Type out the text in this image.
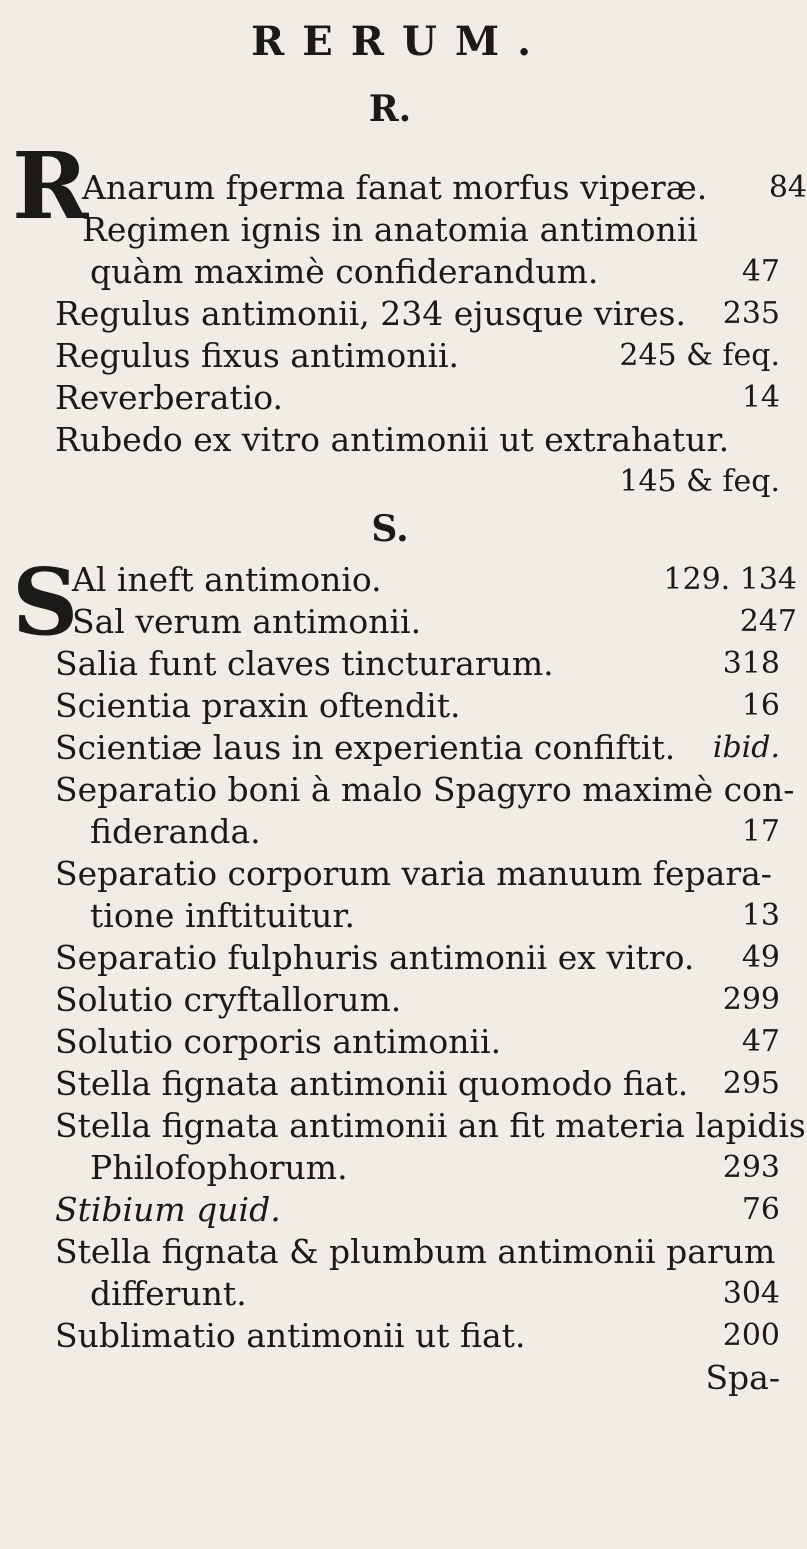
RERUM.
R.
R
Anarum fperma fanat morfus viperæ. 84
Regimen ignis in anatomia antimonii
quàm maximè confiderandum.	47
Regulus antimonii, 234 ejusque vires. 235
Regulus fixus antimonii.	245 & feq.
Reverberatio.	14
Rubedo ex vitro antimonii ut extrahatur.
145 & feq.
S.
S
Al ineft antimonio.	129. 134
Sal verum antimonii.	247
Salia funt claves tincturarum.	318
Scientia praxin oftendit.	16
Scientiæ laus in experientia confiftit. ibid.
Separatio boni à malo Spagyro maximè con-
fideranda.	17
Separatio corporum varia manuum fepara-
tione inftituitur.	13
Separatio fulphuris antimonii ex vitro. 49
Solutio cryftallorum.	299
Solutio corporis antimonii.	47
Stella fignata antimonii quomodo fiat. 295
Stella fignata antimonii an fit materia lapidis
Philofophorum.	293
Stibium quid.	76
Stella fignata & plumbum antimonii parum
differunt.	304
Sublimatio antimonii ut fiat.	200
Spa-
